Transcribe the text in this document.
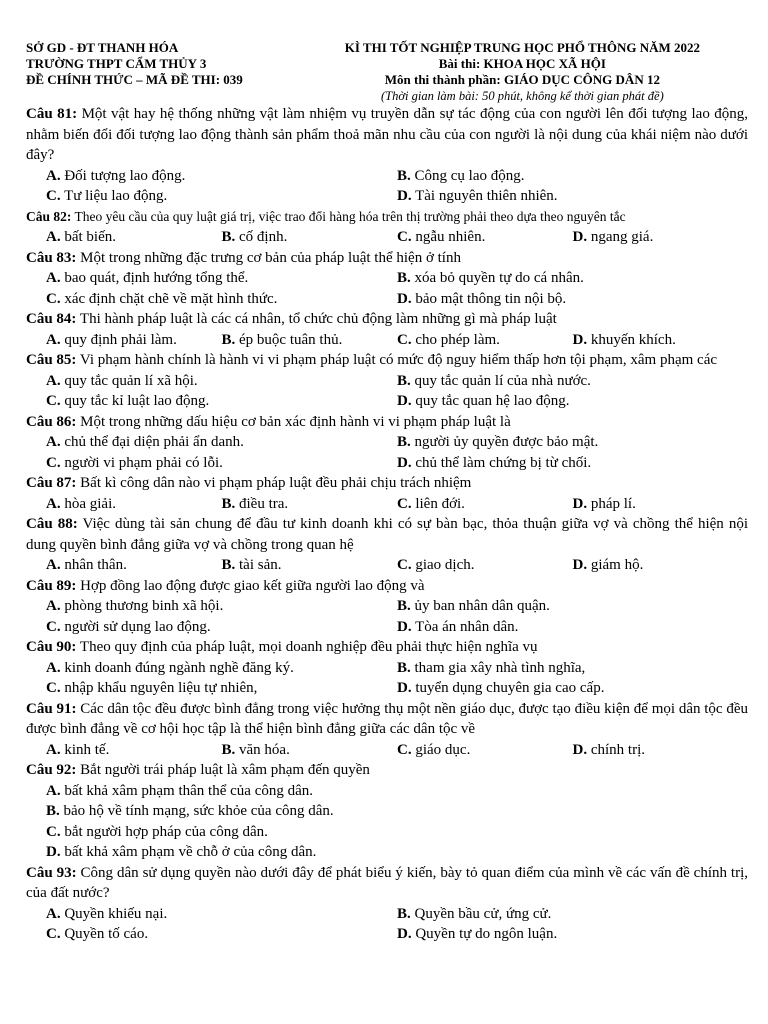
SỞ GD - ĐT THANH HÓA
TRƯỜNG THPT CẨM THỦY 3
ĐỀ CHÍNH THỨC – MÃ ĐỀ THI: 039
KÌ THI TỐT NGHIỆP TRUNG HỌC PHỔ THÔNG NĂM 2022
Bài thi: KHOA HỌC XÃ HỘI
Môn thi thành phần: GIÁO DỤC CÔNG DÂN 12
(Thời gian làm bài: 50 phút, không kể thời gian phát đề)
Câu 81: Một vật hay hệ thống những vật làm nhiệm vụ truyền dẫn sự tác động của con người lên đối tượng lao động, nhằm biến đổi đối tượng lao động thành sản phẩm thoả mãn nhu cầu của con người là nội dung của khái niệm nào dưới đây?
A. Đối tượng lao động.	B. Công cụ lao động.
C. Tư liệu lao động.	D. Tài nguyên thiên nhiên.
Câu 82: Theo yêu cầu của quy luật giá trị, việc trao đổi hàng hóa trên thị trường phải theo dựa theo nguyên tắc
A. bất biến.	B. cố định.	C. ngẫu nhiên.	D. ngang giá.
Câu 83: Một trong những đặc trưng cơ bản của pháp luật thể hiện ở tính
A. bao quát, định hướng tổng thể.	B. xóa bỏ quyền tự do cá nhân.
C. xác định chặt chẽ về mặt hình thức.	D. bảo mật thông tin nội bộ.
Câu 84: Thi hành pháp luật là các cá nhân, tổ chức chủ động làm những gì mà pháp luật
A. quy định phải làm.	B. ép buộc tuân thủ.	C. cho phép làm.	D. khuyến khích.
Câu 85: Vi phạm hành chính là hành vi vi phạm pháp luật có mức độ nguy hiểm thấp hơn tội phạm, xâm phạm các
A. quy tắc quản lí xã hội.	B. quy tắc quản lí của nhà nước.
C. quy tắc kỉ luật lao động.	D. quy tắc quan hệ lao động.
Câu 86: Một trong những dấu hiệu cơ bản xác định hành vi vi phạm pháp luật là
A. chủ thể đại diện phải ẩn danh.	B. người ủy quyền được bảo mật.
C. người vi phạm phải có lỗi.	D. chủ thể làm chứng bị từ chối.
Câu 87: Bất kì công dân nào vi phạm pháp luật đều phải chịu trách nhiệm
A. hòa giải.	B. điều tra.	C. liên đới.	D. pháp lí.
Câu 88: Việc dùng tài sản chung để đầu tư kinh doanh khi có sự bàn bạc, thỏa thuận giữa vợ và chồng thể hiện nội dung quyền bình đẳng giữa vợ và chồng trong quan hệ
A. nhân thân.	B. tài sản.	C. giao dịch.	D. giám hộ.
Câu 89: Hợp đồng lao động được giao kết giữa người lao động và
A. phòng thương binh xã hội.	B. ủy ban nhân dân quận.
C. người sử dụng lao động.	D. Tòa án nhân dân.
Câu 90: Theo quy định của pháp luật, mọi doanh nghiệp đều phải thực hiện nghĩa vụ
A. kinh doanh đúng ngành nghề đăng ký.	B. tham gia xây nhà tình nghĩa,
C. nhập khẩu nguyên liệu tự nhiên,	D. tuyển dụng chuyên gia cao cấp.
Câu 91: Các dân tộc đều được bình đẳng trong việc hưởng thụ một nền giáo dục, được tạo điều kiện để mọi dân tộc đều được bình đẳng về cơ hội học tập là thể hiện bình đẳng giữa các dân tộc về
A. kinh tế.	B. văn hóa.	C. giáo dục.	D. chính trị.
Câu 92: Bắt người trái pháp luật là xâm phạm đến quyền
A. bất khả xâm phạm thân thể của công dân.
B. bảo hộ về tính mạng, sức khỏe của công dân.
C. bắt người hợp pháp của công dân.
D. bất khả xâm phạm về chỗ ở của công dân.
Câu 93: Công dân sử dụng quyền nào dưới đây để phát biểu ý kiến, bày tỏ quan điểm của mình về các vấn đề chính trị, của đất nước?
A. Quyền khiếu nại.	B. Quyền bầu cử, ứng cử.
C. Quyền tố cáo.	D. Quyền tự do ngôn luận.
